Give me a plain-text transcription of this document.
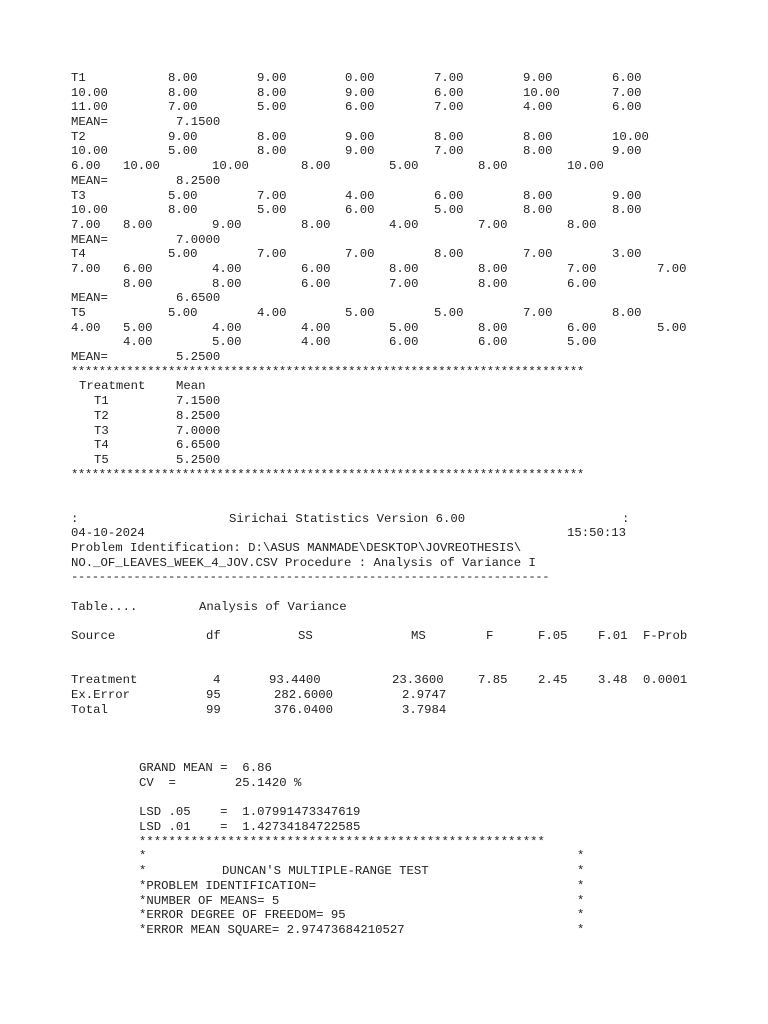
T1	8.00	9.00	0.00	7.00	9.00	6.00
10.00	8.00	8.00	9.00	6.00	10.00	7.00
11.00	7.00	5.00	6.00	7.00	4.00	6.00
MEAN=	7.1500
T2	9.00	8.00	9.00	8.00	8.00	10.00
10.00	5.00	8.00	9.00	7.00	8.00	9.00
6.00 10.00	10.00	8.00	5.00	8.00	10.00
MEAN=	8.2500
T3	5.00	7.00	4.00	6.00	8.00	9.00
10.00	8.00	5.00	6.00	5.00	8.00	8.00
7.00 8.00	9.00	8.00	4.00	7.00	8.00
MEAN=	7.0000
T4	5.00	7.00	7.00	8.00	7.00	3.00
7.00 6.00	4.00	6.00	8.00	8.00	7.00	7.00
8.00	8.00	6.00	7.00	8.00	6.00
MEAN=	6.6500
T5	5.00	4.00	5.00	5.00	7.00	8.00
4.00 5.00	4.00	4.00	5.00	8.00	6.00	5.00
4.00	5.00	4.00	6.00	6.00	5.00
MEAN=	5.2500
**************************************************************************
Treatment Mean
T1	7.1500
T2	8.2500
T3	7.0000
T4	6.6500
T5	5.2500
**************************************************************************
:	Sirichai Statistics Version 6.00	:
04-10-2024	15:50:13
Problem Identification: D:\ASUS MANMADE\DESKTOP\JOVREOTHESIS\
NO._OF_LEAVES_WEEK_4_JOV.CSV Procedure : Analysis of Variance I
---------------------------------------------------------------------
Table....	Analysis of Variance
Source	df	SS	MS	F	F.05 F.01 F-Prob
Treatment	4	93.4400	23.3600	7.85 2.45 3.48 0.0001
Ex.Error	95	282.6000	2.9747
Total	99	376.0400	3.7984
GRAND MEAN =  6.86
CV  =        25.1420 %
LSD .05    =  1.07991473347619
LSD .01    =  1.42734184722585
*******************************************************
*	*
*	DUNCAN'S MULTIPLE-RANGE TEST	*
*PROBLEM IDENTIFICATION=	*
*NUMBER OF MEANS= 5	*
*ERROR DEGREE OF FREEDOM= 95	*
*ERROR MEAN SQUARE= 2.97473684210527	*
